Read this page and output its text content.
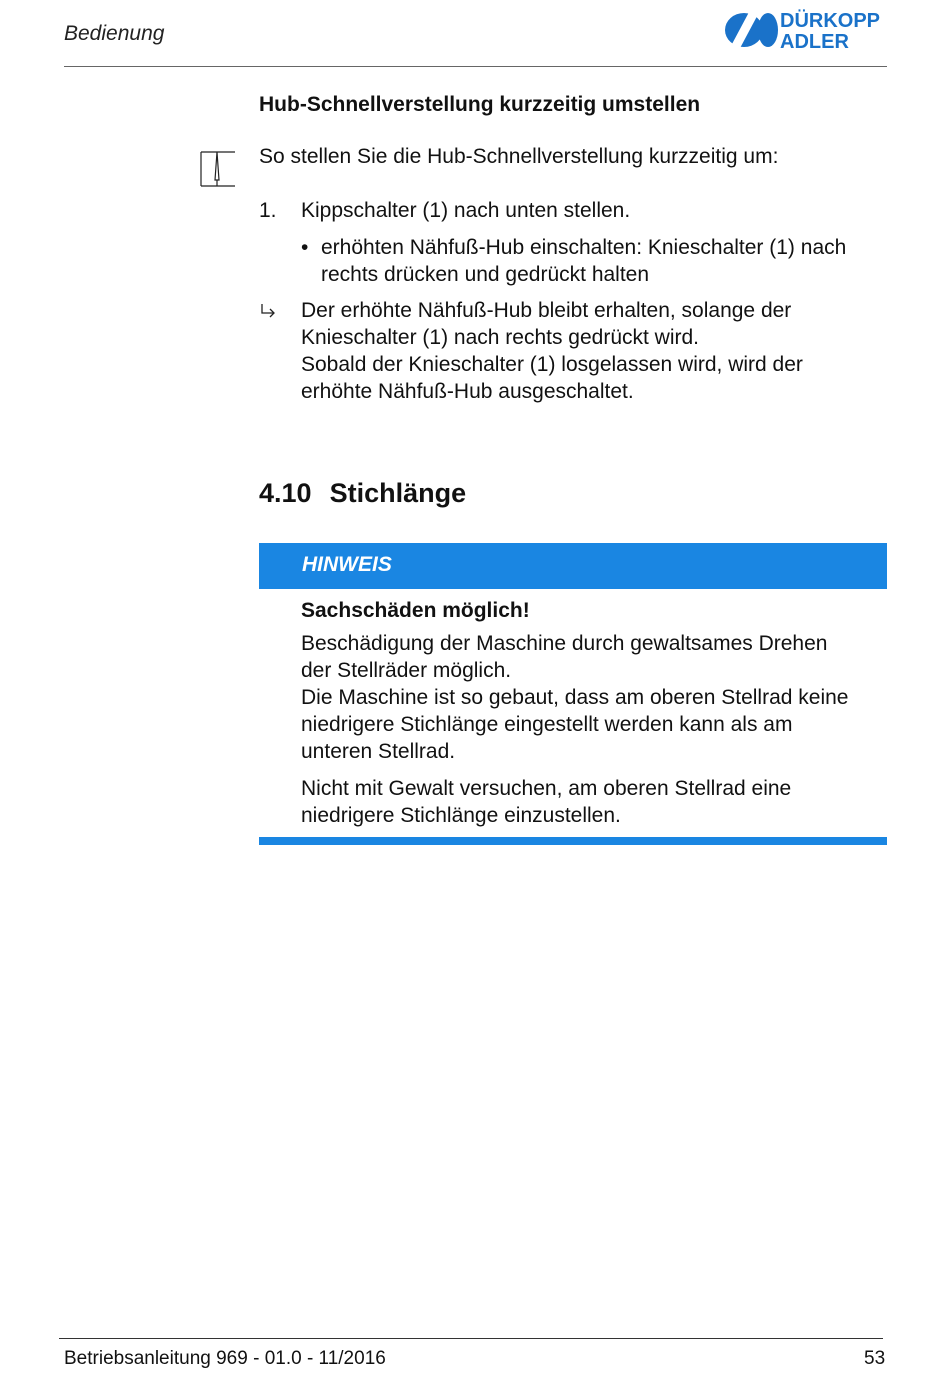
Bedienung
DÜRKOPP
ADLER
Hub-Schnellverstellung kurzzeitig umstellen
So stellen Sie die Hub-Schnellverstellung kurzzeitig um:
1. Kippschalter (1) nach unten stellen.
• erhöhten Nähfuß-Hub einschalten: Knieschalter (1) nach
rechts drücken und gedrückt halten
Der erhöhte Nähfuß-Hub bleibt erhalten, solange der
Knieschalter (1) nach rechts gedrückt wird.
Sobald der Knieschalter (1) losgelassen wird, wird der
erhöhte Nähfuß-Hub ausgeschaltet.
4.10 Stichlänge
HINWEIS
Sachschäden möglich!
Beschädigung der Maschine durch gewaltsames Drehen
der Stellräder möglich.
Die Maschine ist so gebaut, dass am oberen Stellrad keine
niedrigere Stichlänge eingestellt werden kann als am
unteren Stellrad.
Nicht mit Gewalt versuchen, am oberen Stellrad eine
niedrigere Stichlänge einzustellen.
Betriebsanleitung 969 - 01.0 - 11/2016	53
